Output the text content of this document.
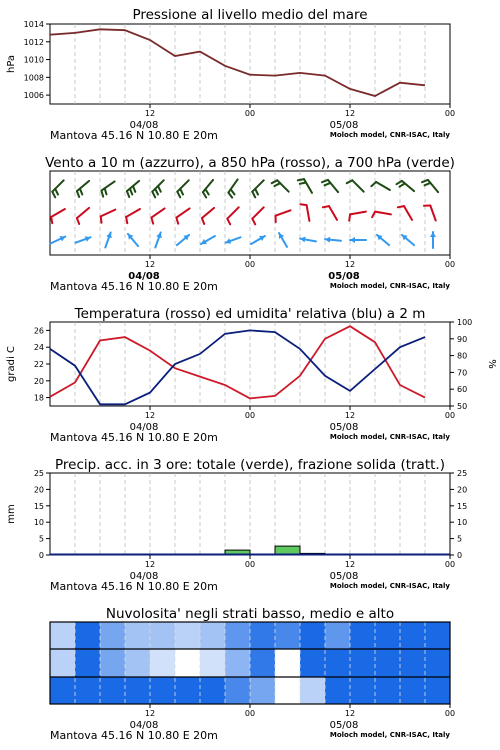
Pressione al livello medio del mare
1006
1008
1010
1012
1014
hPa
12	00	12	00
04/08	05/08
Mantova 45.16 N 10.80 E 20m	Moloch model, CNR-ISAC, Italy
Vento a 10 m (azzurro), a 850 hPa (rosso), a 700 hPa (verde)
12	00	12	00
04/08	05/08
Mantova 45.16 N 10.80 E 20m	Moloch model, CNR-ISAC, Italy
Temperatura (rosso) ed umidita' relativa (blu) a 2 m
18
20
22
24
26
50
60
70
80
90
100
gradi C	%
12	00	12	00
04/08	05/08
Mantova 45.16 N 10.80 E 20m	Moloch model, CNR-ISAC, Italy
Precip. acc. in 3 ore: totale (verde), frazione solida (tratt.)
0
5
10
15
20
25
0
5
10
15
20
25
mm
12	00	12	00
04/08	05/08
Mantova 45.16 N 10.80 E 20m	Moloch model, CNR-ISAC, Italy
Nuvolosita' negli strati basso, medio e alto
12	00	12	00
04/08	05/08
Mantova 45.16 N 10.80 E 20m	Moloch model, CNR-ISAC, Italy
